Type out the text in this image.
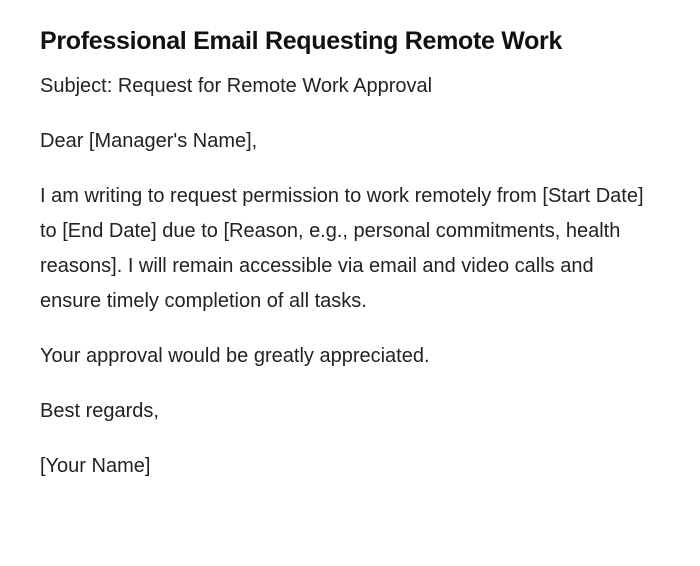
Professional Email Requesting Remote Work

Subject: Request for Remote Work Approval

Dear [Manager's Name],

I am writing to request permission to work remotely from [Start Date] to [End Date] due to [Reason, e.g., personal commitments, health reasons]. I will remain accessible via email and video calls and ensure timely completion of all tasks.

Your approval would be greatly appreciated.

Best regards,

[Your Name]
